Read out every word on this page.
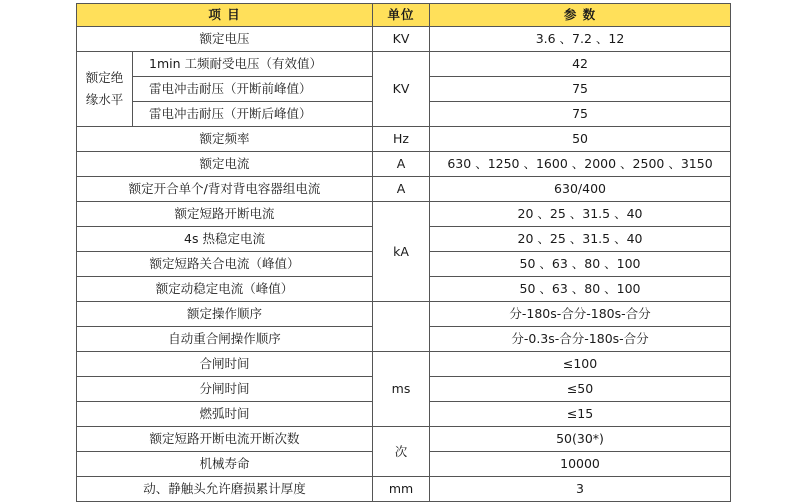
项 目		单位	参 数
额定电压		KV	3.6 、7.2 、12
额定绝缘水平	1min 工频耐受电压（有效值）	KV	42
	雷电冲击耐压（开断前峰值）		75
	雷电冲击耐压（开断后峰值）		75
额定频率		Hz	50
额定电流		A	630 、1250 、1600 、2000 、2500 、3150
额定开合单个/背对背电容器组电流		A	630/400
额定短路开断电流		kA	20 、25 、31.5 、40
4s 热稳定电流			20 、25 、31.5 、40
额定短路关合电流（峰值）			50 、63 、80 、100
额定动稳定电流（峰值）			50 、63 、80 、100
额定操作顺序			分-180s-合分-180s-合分
自动重合闸操作顺序			分-0.3s-合分-180s-合分
合闸时间		ms	≤100
分闸时间			≤50
燃弧时间			≤15
额定短路开断电流开断次数		次	50(30*)
机械寿命			10000
动、静触头允许磨损累计厚度		mm	3
